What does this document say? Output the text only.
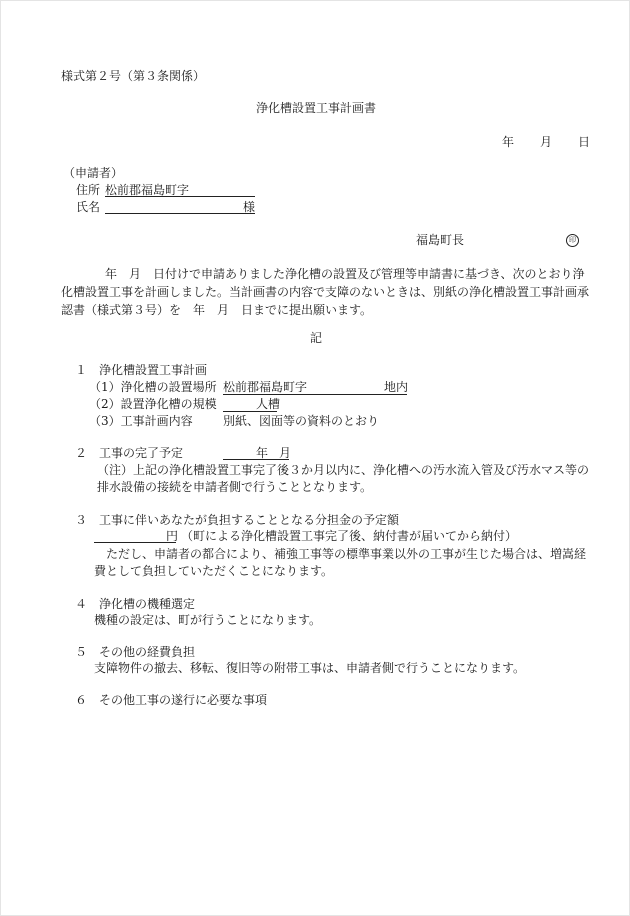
様式第２号（第３条関係）
浄化槽設置工事計画書
年 月 日
（申請者）
住所 松前郡福島町字
氏名	様
福島町長	印
年　月　日付けで申請ありました浄化槽の設置及び管理等申請書に基づき、次のとおり浄化槽設置工事を計画しました。当計画書の内容で支障のないときは、別紙の浄化槽設置工事計画承認書（様式第３号）を　年　月　日までに提出願います。
記
１　浄化槽設置工事計画
（1）浄化槽の設置場所 松前郡福島町字	地内
（2）設置浄化槽の規模	人槽
（3）工事計画内容	別紙、図面等の資料のとおり
２　工事の完了予定	年 月
（注）上記の浄化槽設置工事完了後３か月以内に、浄化槽への汚水流入管及び汚水マス等の排水設備の接続を申請者側で行うこととなります。
３　工事に伴いあなたが負担することとなる分担金の予定額
円 （町による浄化槽設置工事完了後、納付書が届いてから納付）
ただし、申請者の都合により、補強工事等の標準事業以外の工事が生じた場合は、増嵩経費として負担していただくことになります。
４　浄化槽の機種選定
機種の設定は、町が行うことになります。
５　その他の経費負担
支障物件の撤去、移転、復旧等の附帯工事は、申請者側で行うことになります。
６　その他工事の遂行に必要な事項
